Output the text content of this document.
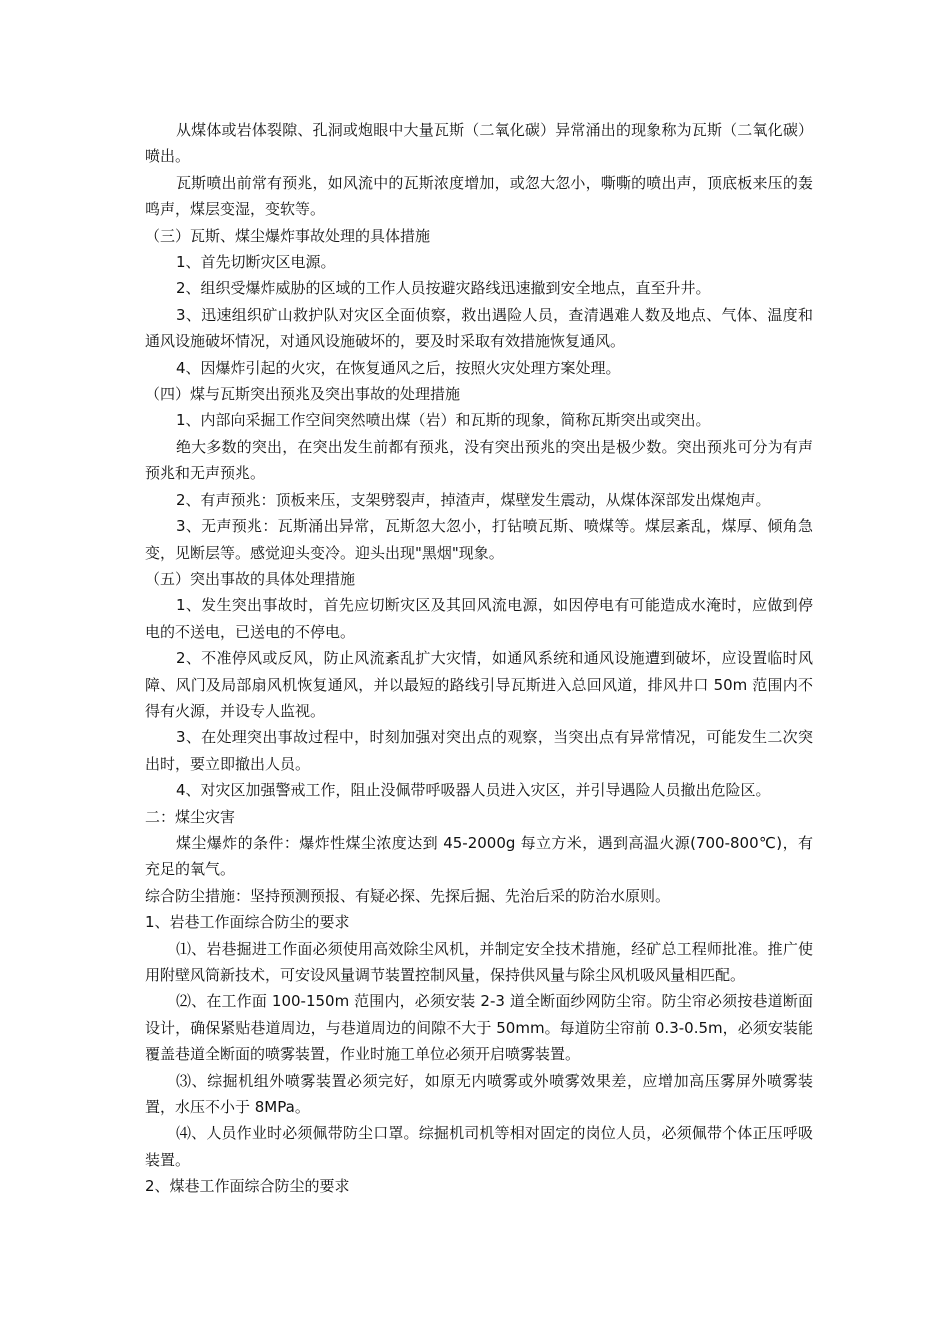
从煤体或岩体裂隙、孔洞或炮眼中大量瓦斯（二氧化碳）异常涌出的现象称为瓦斯（二氧化碳）喷出。

瓦斯喷出前常有预兆，如风流中的瓦斯浓度增加，或忽大忽小，嘶嘶的喷出声，顶底板来压的轰鸣声，煤层变湿，变软等。

（三）瓦斯、煤尘爆炸事故处理的具体措施

1、首先切断灾区电源。

2、组织受爆炸威胁的区域的工作人员按避灾路线迅速撤到安全地点，直至升井。

3、迅速组织矿山救护队对灾区全面侦察，救出遇险人员，查清遇难人数及地点、气体、温度和通风设施破坏情况，对通风设施破坏的，要及时采取有效措施恢复通风。

4、因爆炸引起的火灾，在恢复通风之后，按照火灾处理方案处理。

（四）煤与瓦斯突出预兆及突出事故的处理措施

1、内部向采掘工作空间突然喷出煤（岩）和瓦斯的现象，简称瓦斯突出或突出。

绝大多数的突出，在突出发生前都有预兆，没有突出预兆的突出是极少数。突出预兆可分为有声预兆和无声预兆。

2、有声预兆：顶板来压，支架劈裂声，掉渣声，煤壁发生震动，从煤体深部发出煤炮声。

3、无声预兆：瓦斯涌出异常，瓦斯忽大忽小，打钻喷瓦斯、喷煤等。煤层紊乱，煤厚、倾角急变，见断层等。感觉迎头变冷。迎头出现"黑烟"现象。

（五）突出事故的具体处理措施

1、发生突出事故时，首先应切断灾区及其回风流电源，如因停电有可能造成水淹时，应做到停电的不送电，已送电的不停电。

2、不准停风或反风，防止风流紊乱扩大灾情，如通风系统和通风设施遭到破坏，应设置临时风障、风门及局部扇风机恢复通风，并以最短的路线引导瓦斯进入总回风道，排风井口 50m 范围内不得有火源，并设专人监视。

3、在处理突出事故过程中，时刻加强对突出点的观察，当突出点有异常情况，可能发生二次突出时，要立即撤出人员。

4、对灾区加强警戒工作，阻止没佩带呼吸器人员进入灾区，并引导遇险人员撤出危险区。

二：煤尘灾害

煤尘爆炸的条件：爆炸性煤尘浓度达到 45-2000g 每立方米，遇到高温火源(700-800℃)，有充足的氧气。

综合防尘措施：坚持预测预报、有疑必探、先探后掘、先治后采的防治水原则。

1、岩巷工作面综合防尘的要求

⑴、岩巷掘进工作面必须使用高效除尘风机，并制定安全技术措施，经矿总工程师批准。推广使用附壁风筒新技术，可安设风量调节装置控制风量，保持供风量与除尘风机吸风量相匹配。

⑵、在工作面 100-150m 范围内，必须安装 2-3 道全断面纱网防尘帘。防尘帘必须按巷道断面设计，确保紧贴巷道周边，与巷道周边的间隙不大于 50mm。每道防尘帘前 0.3-0.5m，必须安装能覆盖巷道全断面的喷雾装置，作业时施工单位必须开启喷雾装置。

⑶、综掘机组外喷雾装置必须完好，如原无内喷雾或外喷雾效果差，应增加高压雾屏外喷雾装置，水压不小于 8MPa。

⑷、人员作业时必须佩带防尘口罩。综掘机司机等相对固定的岗位人员，必须佩带个体正压呼吸装置。

2、煤巷工作面综合防尘的要求
